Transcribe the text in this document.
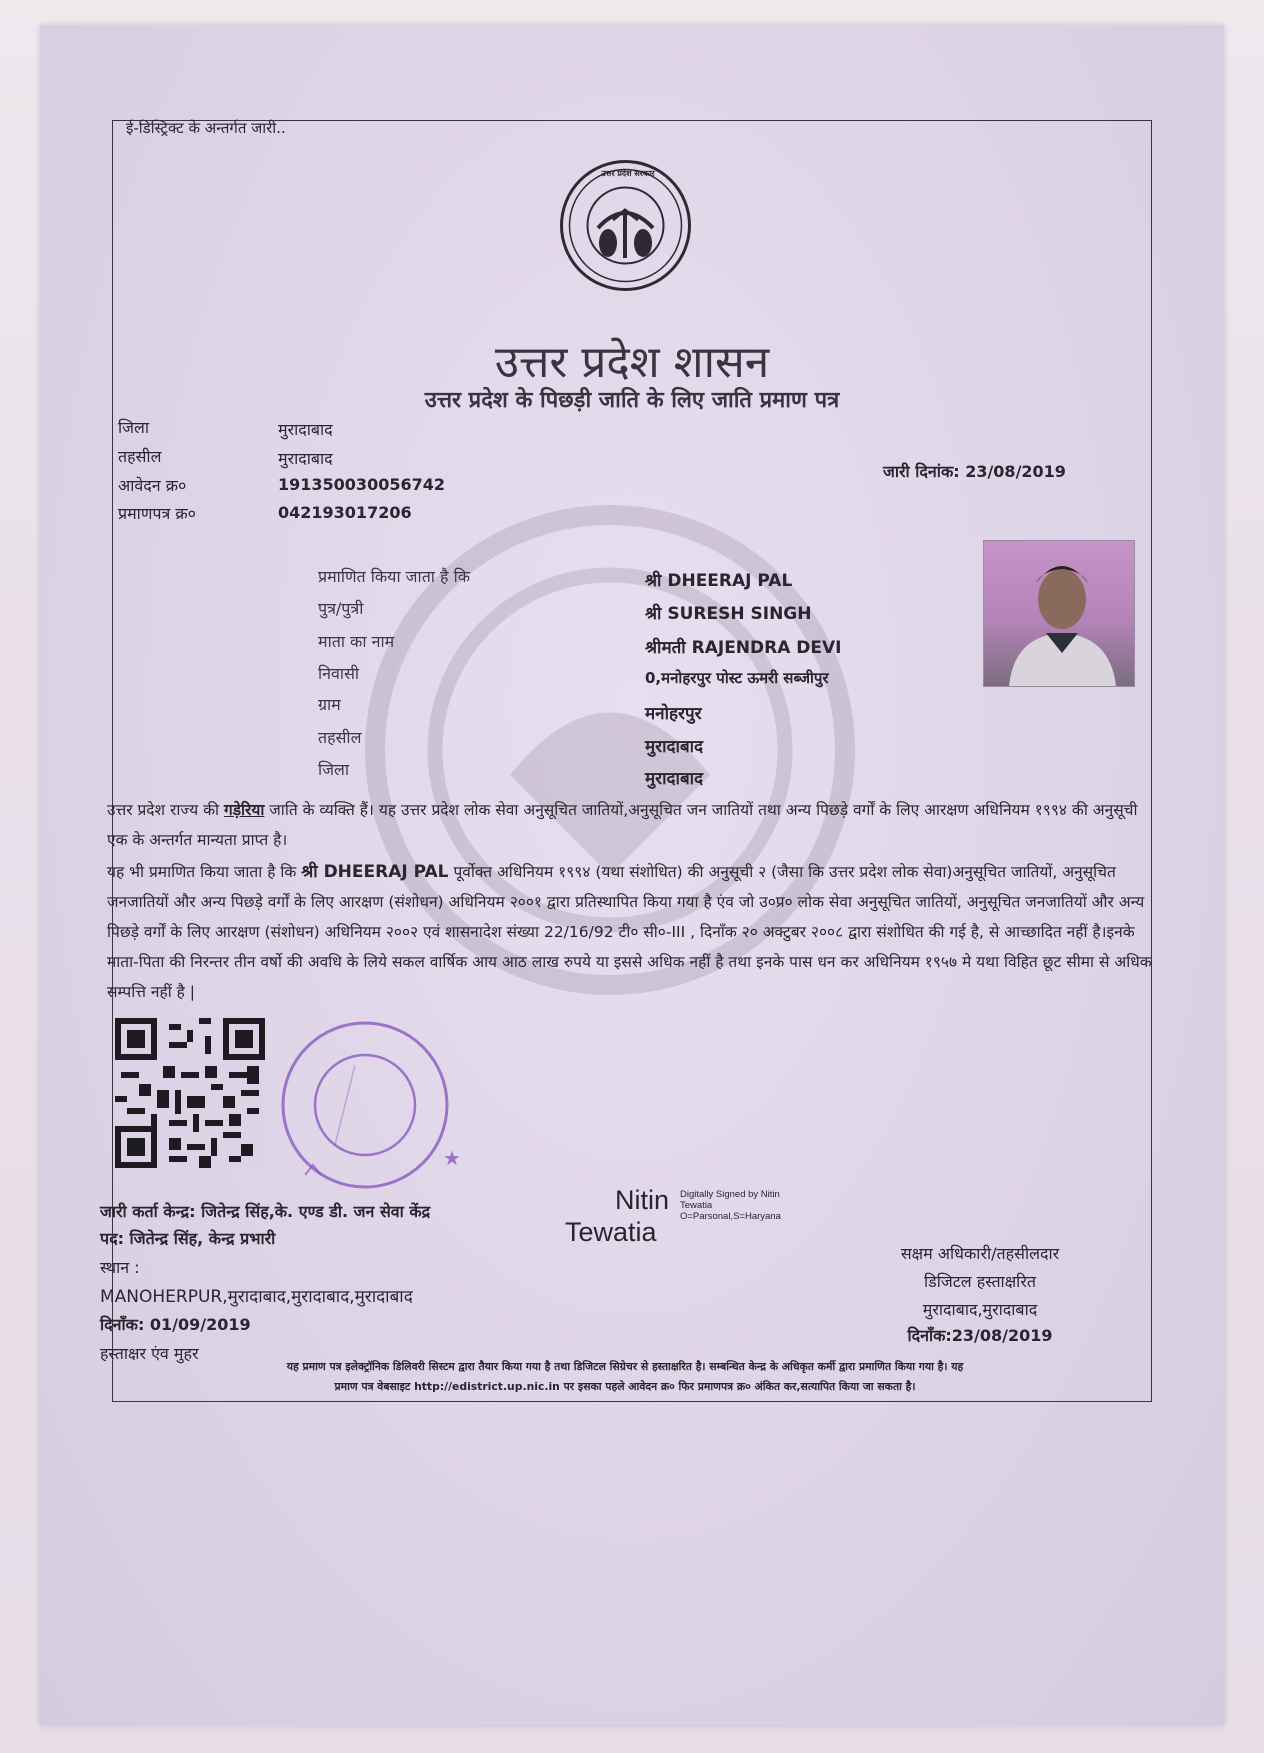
ई-डिस्ट्रिक्ट के अन्तर्गत जारी..
उत्तर प्रदेश सरकार
उत्तर प्रदेश शासन
उत्तर प्रदेश के पिछड़ी जाति के लिए जाति प्रमाण पत्र
जिला	मुरादाबाद
तहसील	मुरादाबाद
आवेदन क्र०	191350030056742
प्रमाणपत्र क्र०	042193017206
जारी दिनांक: 23/08/2019
प्रमाणित किया जाता है कि	श्री DHEERAJ PAL
पुत्र/पुत्री	श्री SURESH SINGH
माता का नाम	श्रीमती RAJENDRA DEVI
निवासी	0,मनोहरपुर पोस्ट ऊमरी सब्जीपुर
ग्राम	मनोहरपुर
तहसील	मुरादाबाद
जिला	मुरादाबाद
उत्तर प्रदेश राज्य की गड़ेरिया जाति के व्यक्ति हैं। यह उत्तर प्रदेश लोक सेवा अनुसूचित जातियों,अनुसूचित जन जातियों तथा अन्य पिछड़े वर्गों के लिए आरक्षण अधिनियम १९९४ की अनुसूची एक के अन्तर्गत मान्यता प्राप्त है।
यह भी प्रमाणित किया जाता है कि श्री DHEERAJ PAL पूर्वोक्त अधिनियम १९९४ (यथा संशोधित) की अनुसूची २ (जैसा कि उत्तर प्रदेश लोक सेवा)अनुसूचित जातियों, अनुसूचित जनजातियों और अन्य पिछड़े वर्गों के लिए आरक्षण (संशोधन) अधिनियम २००१ द्वारा प्रतिस्थापित किया गया है एंव जो उ०प्र० लोक सेवा अनुसूचित जातियों, अनुसूचित जनजातियों और अन्य पिछड़े वर्गों के लिए आरक्षण (संशोधन) अधिनियम २००२ एवं शासनादेश संख्या 22/16/92 टी० सी०-III , दिनाँक २० अक्टुबर २००८ द्वारा संशोधित की गई है, से आच्छादित नहीं है।इनके माता-पिता की निरन्तर तीन वर्षो की अवधि के लिये सकल वार्षिक आय आठ लाख रुपये या इससे अधिक नहीं है तथा इनके पास धन कर अधिनियम १९५७ मे यथा विहित छूट सीमा से अधिक सम्पत्ति नहीं है |
★
जारी कर्ता केन्द्र: जितेन्द्र सिंह,के. एण्ड डी. जन सेवा केंद्र
पद: जितेन्द्र सिंह, केन्द्र प्रभारी
स्थान :
MANOHERPUR,मुरादाबाद,मुरादाबाद,मुरादाबाद
दिनाँक: 01/09/2019
हस्ताक्षर एंव मुहर
Nitin
Tewatia
Digitally Signed by Nitin
Tewatia
O=Parsonal,S=Haryana
सक्षम अधिकारी/तहसीलदार
डिजिटल हस्ताक्षरित
मुरादाबाद,मुरादाबाद
दिनाँक:23/08/2019
यह प्रमाण पत्र इलेक्ट्रॉनिक डिलिवरी सिस्टम द्वारा तैयार किया गया है तथा डिजिटल सिग्रेचर से हस्ताक्षरित है। सम्बन्धित केन्द्र के अधिकृत कर्मी द्वारा प्रमाणित किया गया है। यह
प्रमाण पत्र वेबसाइट http://edistrict.up.nic.in पर इसका पहले आवेदन क्र० फिर प्रमाणपत्र क्र० अंकित कर,सत्यापित किया जा सकता है।
